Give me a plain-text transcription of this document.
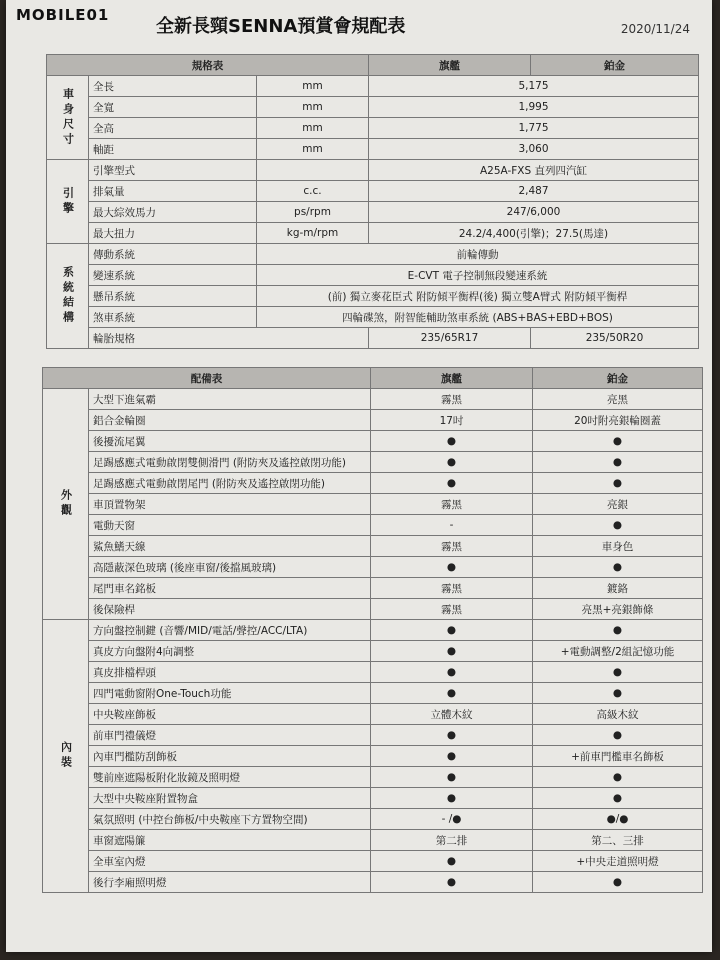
MOBILE01
全新長頸SENNA預賞會規配表	2020/11/24
規格表			旗艦	鉑金

車身尺寸	全長	mm	5,175	
	全寬	mm	1,995	
	全高	mm	1,775	
	軸距	mm	3,060	

引擎	引擎型式		A25A-FXS 直列四汽缸	
	排氣量	c.c.	2,487	
	最大綜效馬力	ps/rpm	247/6,000	
	最大扭力	kg-m/rpm	24.2/4,400(引擎)；27.5(馬達)	

系統結構	傳動系統	前輪傳動		
	變速系統	E-CVT 電子控制無段變速系統		
	懸吊系統	(前) 獨立麥花臣式 附防傾平衡桿(後) 獨立雙A臂式 附防傾平衡桿		
	煞車系統	四輪碟煞，附智能輔助煞車系統 (ABS+BAS+EBD+BOS)		
	輪胎規格		235/65R17	235/50R20
配備表		旗艦	鉑金

外觀	大型下進氣霸	霧黑	亮黑
	鋁合金輪圈	17吋	20吋附亮銀輪圈蓋
	後擾流尾翼	●	●
	足踢感應式電動啟閉雙側滑門 (附防夾及遙控啟閉功能)	●	●
	足踢感應式電動啟閉尾門 (附防夾及遙控啟閉功能)	●	●
	車頂置物架	霧黑	亮銀
	電動天窗	-	●
	鯊魚鰭天線	霧黑	車身色
	高隱蔽深色玻璃 (後座車窗/後擋風玻璃)	●	●
	尾門車名銘板	霧黑	鍍鉻
	後保險桿	霧黑	亮黑+亮銀飾條

內裝	方向盤控制鍵 (音響/MID/電話/聲控/ACC/LTA)	●	●
	真皮方向盤附4向調整	●	+電動調整/2組記憶功能
	真皮排檔桿頭	●	●
	四門電動窗附One-Touch功能	●	●
	中央鞍座飾板	立體木紋	高級木紋
	前車門禮儀燈	●	●
	內車門檻防刮飾板	●	+前車門檻車名飾板
	雙前座遮陽板附化妝鏡及照明燈	●	●
	大型中央鞍座附置物盒	●	●
	氣氛照明 (中控台飾板/中央鞍座下方置物空間)	- /●	●/●
	車窗遮陽簾	第二排	第二、三排
	全車室內燈	●	+中央走道照明燈
	後行李廂照明燈	●	●
